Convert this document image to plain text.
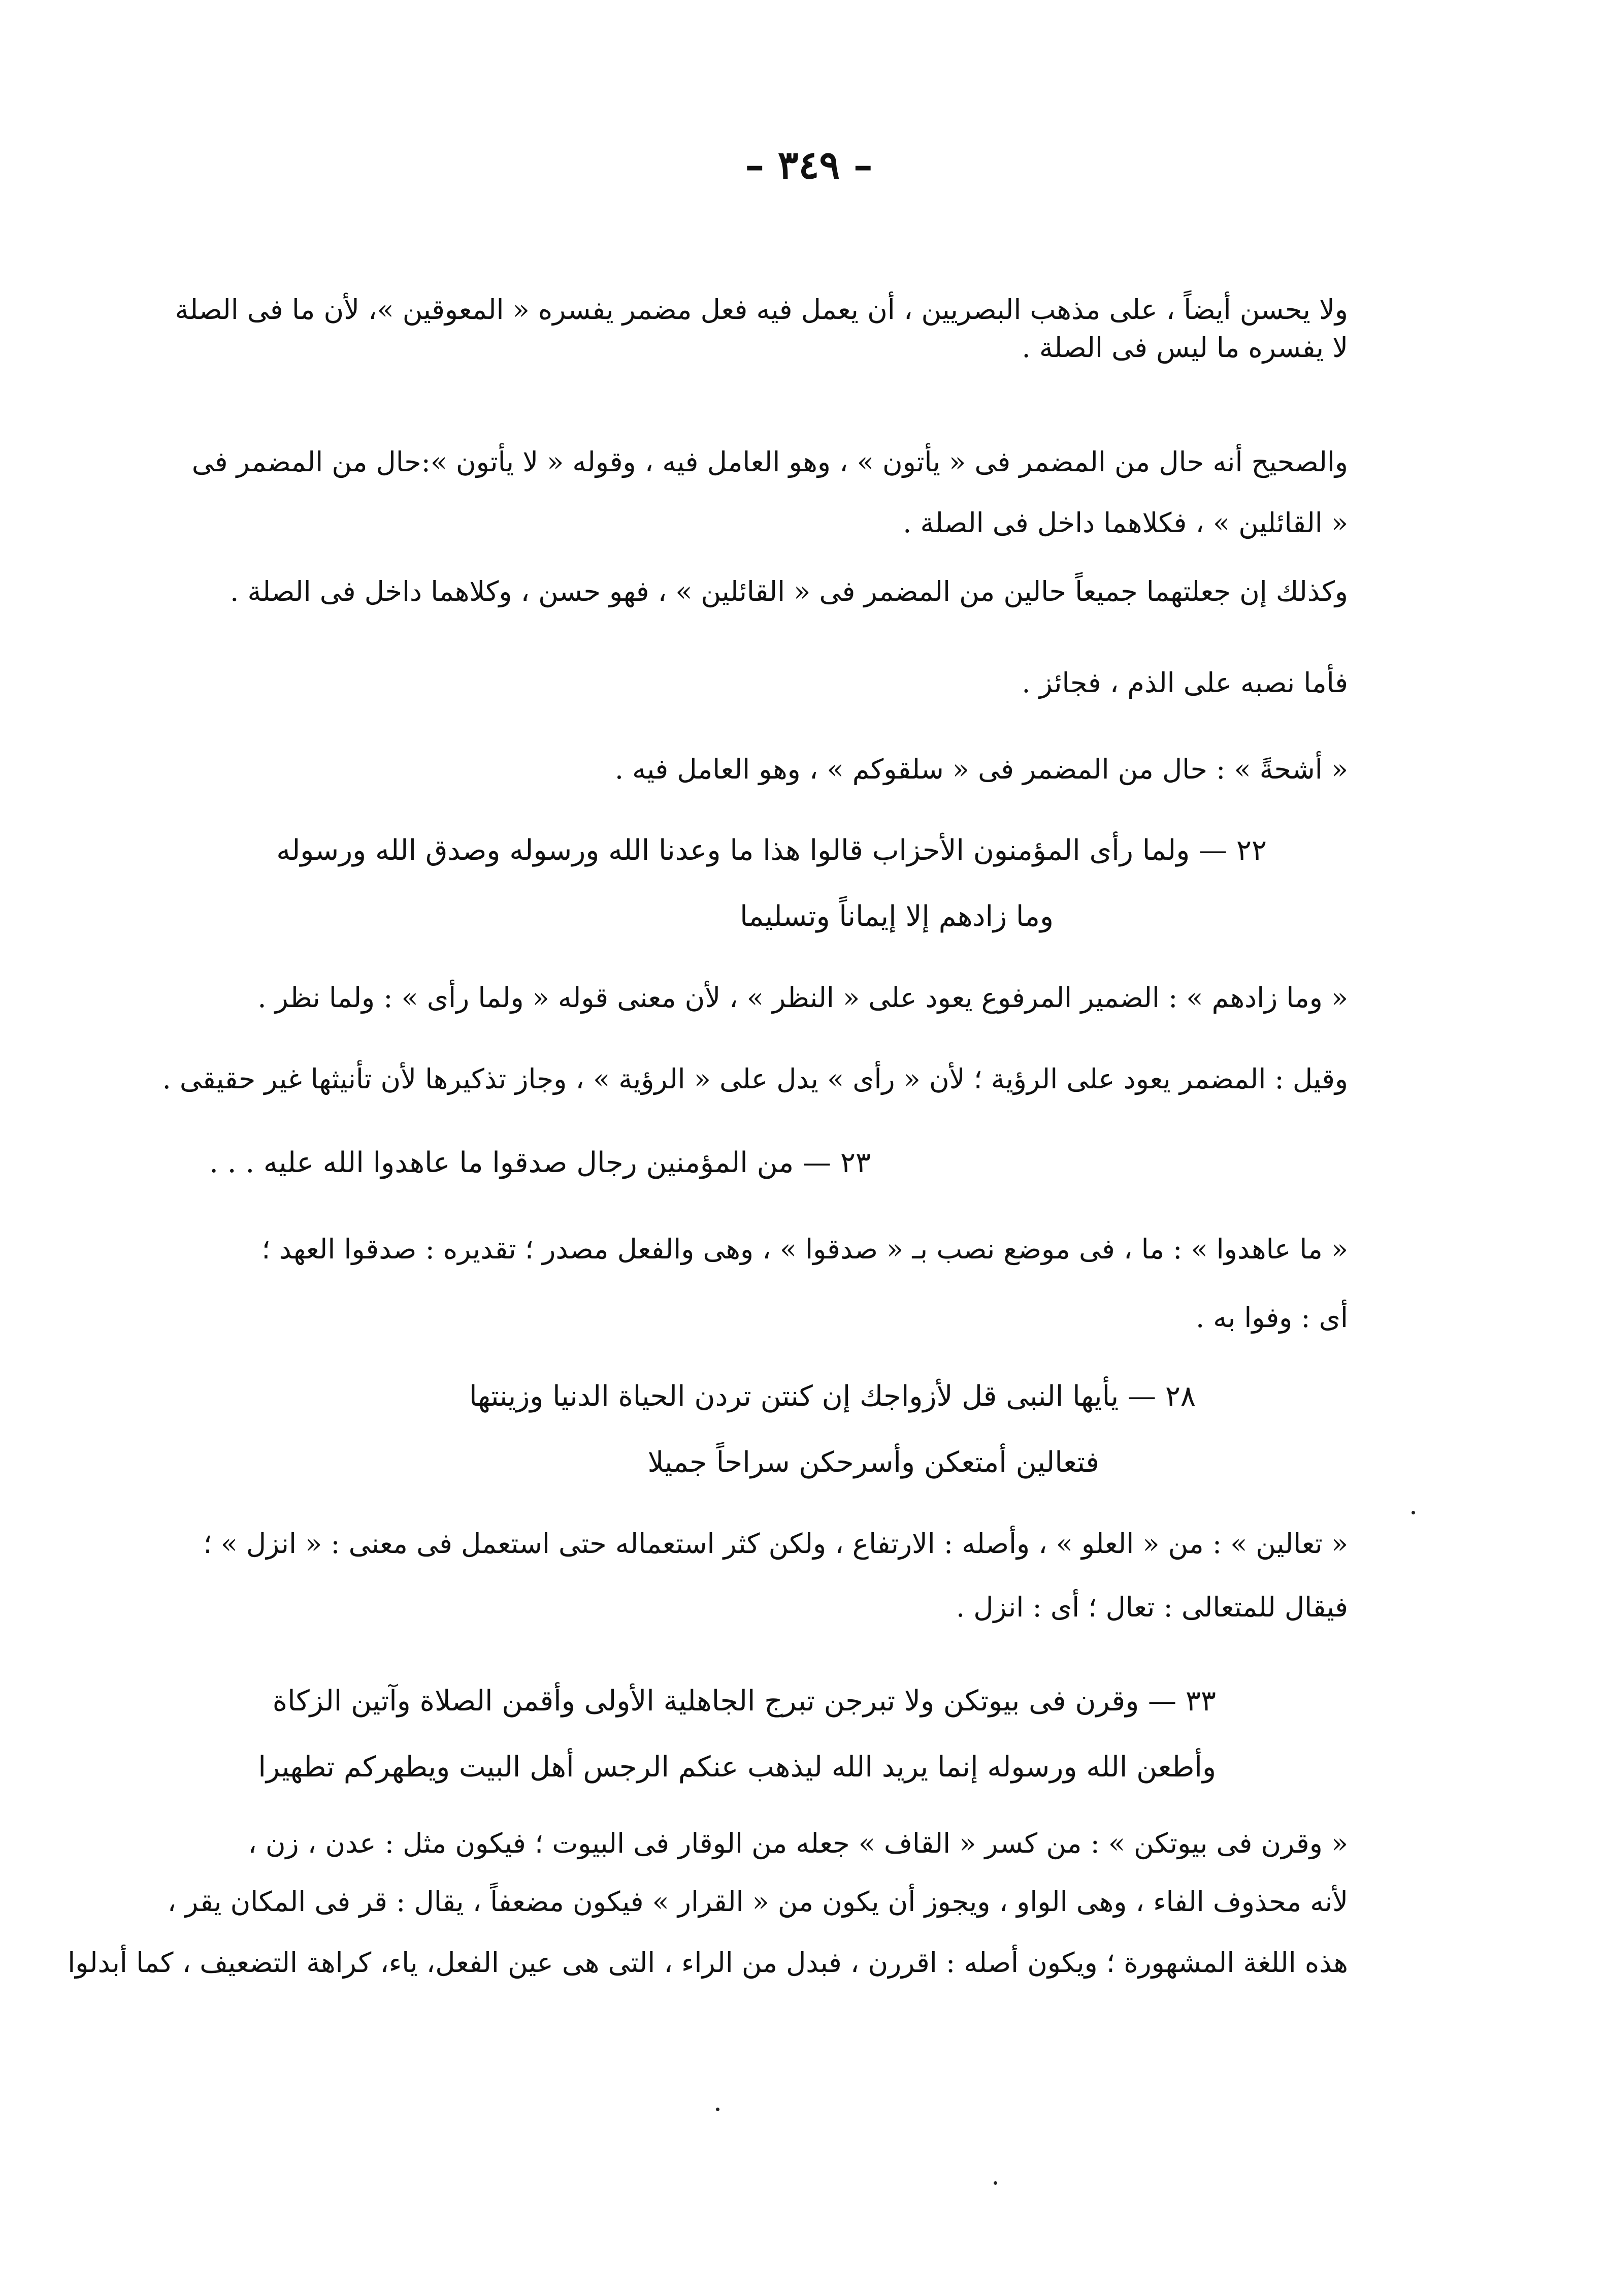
– ٣٤٩ –
ولا يحسن أيضاً ، على مذهب البصريين ، أن يعمل فيه فعل مضمر يفسره « المعوقين »، لأن ما فى الصلة
لا يفسره ما ليس فى الصلة .
والصحيح أنه حال من المضمر فى « يأتون » ، وهو العامل فيه ، وقوله « لا يأتون »:حال من المضمر فى
« القائلين » ، فكلاهما داخل فى الصلة .
وكذلك إن جعلتهما جميعاً حالين من المضمر فى « القائلين » ، فهو حسن ، وكلاهما داخل فى الصلة .
فأما نصبه على الذم ، فجائز .
« أشحةً » : حال من المضمر فى « سلقوكم » ، وهو العامل فيه .
٢٢ — ولما رأى المؤمنون الأحزاب قالوا هذا ما وعدنا الله ورسوله وصدق الله ورسوله
وما زادهم إلا إيماناً وتسليما
« وما زادهم » : الضمير المرفوع يعود على « النظر » ، لأن معنى قوله « ولما رأى » : ولما نظر .
وقيل : المضمر يعود على الرؤية ؛ لأن « رأى » يدل على « الرؤية » ، وجاز تذكيرها لأن تأنيثها غير حقيقى .
٢٣ — من المؤمنين رجال صدقوا ما عاهدوا الله عليه . . .
« ما عاهدوا » : ما ، فى موضع نصب بـ « صدقوا » ، وهى والفعل مصدر ؛ تقديره : صدقوا العهد ؛
أى : وفوا به .
٢٨ — يأيها النبى قل لأزواجك إن كنتن تردن الحياة الدنيا وزينتها
فتعالين أمتعكن وأسرحكن سراحاً جميلا
« تعالين » : من « العلو » ، وأصله : الارتفاع ، ولكن كثر استعماله حتى استعمل فى معنى : « انزل » ؛
فيقال للمتعالى : تعال ؛ أى : انزل .
٣٣ — وقرن فى بيوتكن ولا تبرجن تبرج الجاهلية الأولى وأقمن الصلاة وآتين الزكاة
وأطعن الله ورسوله إنما يريد الله ليذهب عنكم الرجس أهل البيت ويطهركم تطهيرا
« وقرن فى بيوتكن » : من كسر « القاف » جعله من الوقار فى البيوت ؛ فيكون مثل : عدن ، زن ،
لأنه محذوف الفاء ، وهى الواو ، ويجوز أن يكون من « القرار » فيكون مضعفاً ، يقال : قر فى المكان يقر ،
هذه اللغة المشهورة ؛ ويكون أصله : اقررن ، فبدل من الراء ، التى هى عين الفعل، ياء، كراهة التضعيف ، كما أبدلوا
